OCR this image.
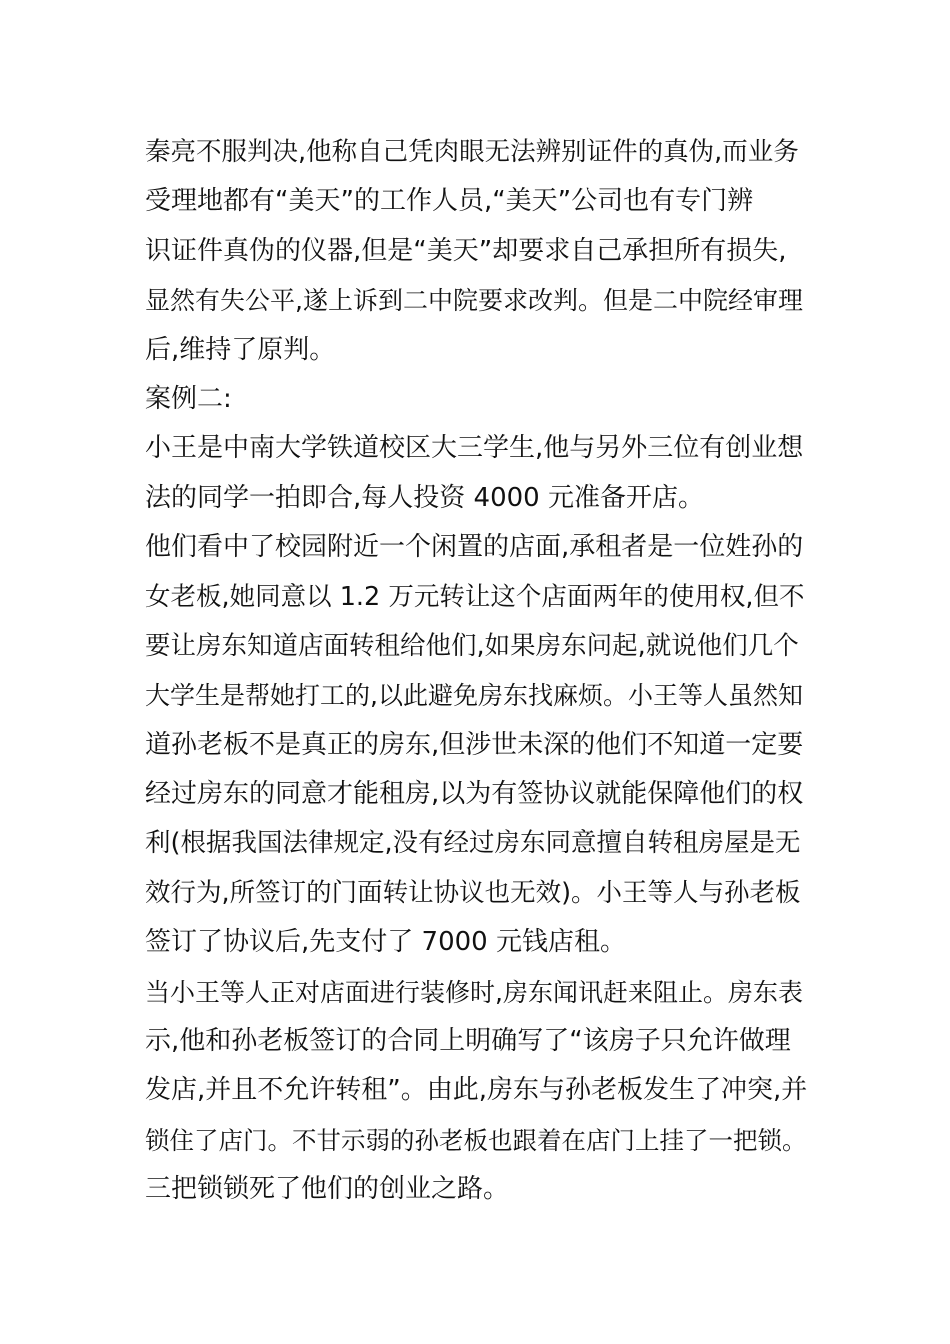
秦亮不服判决,他称自己凭肉眼无法辨别证件的真伪,而业务
受理地都有“美天”的工作人员,“美天”公司也有专门辨
识证件真伪的仪器,但是“美天”却要求自己承担所有损失,
显然有失公平,遂上诉到二中院要求改判。但是二中院经审理
后,维持了原判。
案例二:
小王是中南大学铁道校区大三学生,他与另外三位有创业想
法的同学一拍即合,每人投资 4000 元准备开店。
他们看中了校园附近一个闲置的店面,承租者是一位姓孙的
女老板,她同意以 1.2 万元转让这个店面两年的使用权,但不
要让房东知道店面转租给他们,如果房东问起,就说他们几个
大学生是帮她打工的,以此避免房东找麻烦。小王等人虽然知
道孙老板不是真正的房东,但涉世未深的他们不知道一定要
经过房东的同意才能租房,以为有签协议就能保障他们的权
利(根据我国法律规定,没有经过房东同意擅自转租房屋是无
效行为,所签订的门面转让协议也无效)。小王等人与孙老板
签订了协议后,先支付了 7000 元钱店租。
当小王等人正对店面进行装修时,房东闻讯赶来阻止。房东表
示,他和孙老板签订的合同上明确写了“该房子只允许做理
发店,并且不允许转租”。由此,房东与孙老板发生了冲突,并
锁住了店门。不甘示弱的孙老板也跟着在店门上挂了一把锁。
三把锁锁死了他们的创业之路。
